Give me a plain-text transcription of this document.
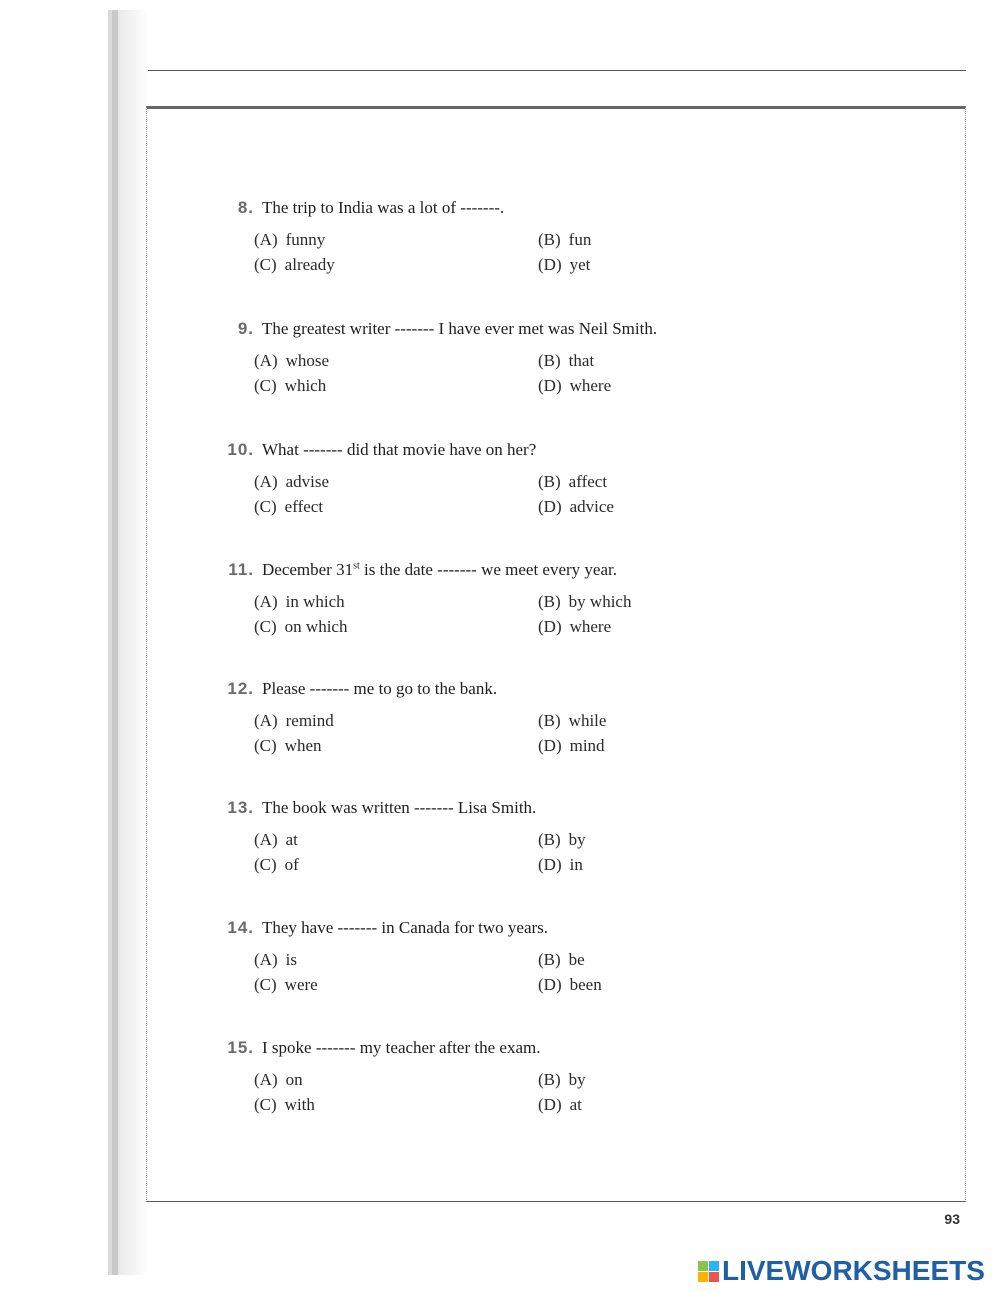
8. The trip to India was a lot of -------.
(A) funny	(B) fun
(C) already	(D) yet
9. The greatest writer ------- I have ever met was Neil Smith.
(A) whose	(B) that
(C) which	(D) where
10. What ------- did that movie have on her?
(A) advise	(B) affect
(C) effect	(D) advice
11. December 31st is the date ------- we meet every year.
(A) in which	(B) by which
(C) on which	(D) where
12. Please ------- me to go to the bank.
(A) remind	(B) while
(C) when	(D) mind
13. The book was written ------- Lisa Smith.
(A) at	(B) by
(C) of	(D) in
14. They have ------- in Canada for two years.
(A) is	(B) be
(C) were	(D) been
15. I spoke ------- my teacher after the exam.
(A) on	(B) by
(C) with	(D) at
93
LIVEWORKSHEETS
